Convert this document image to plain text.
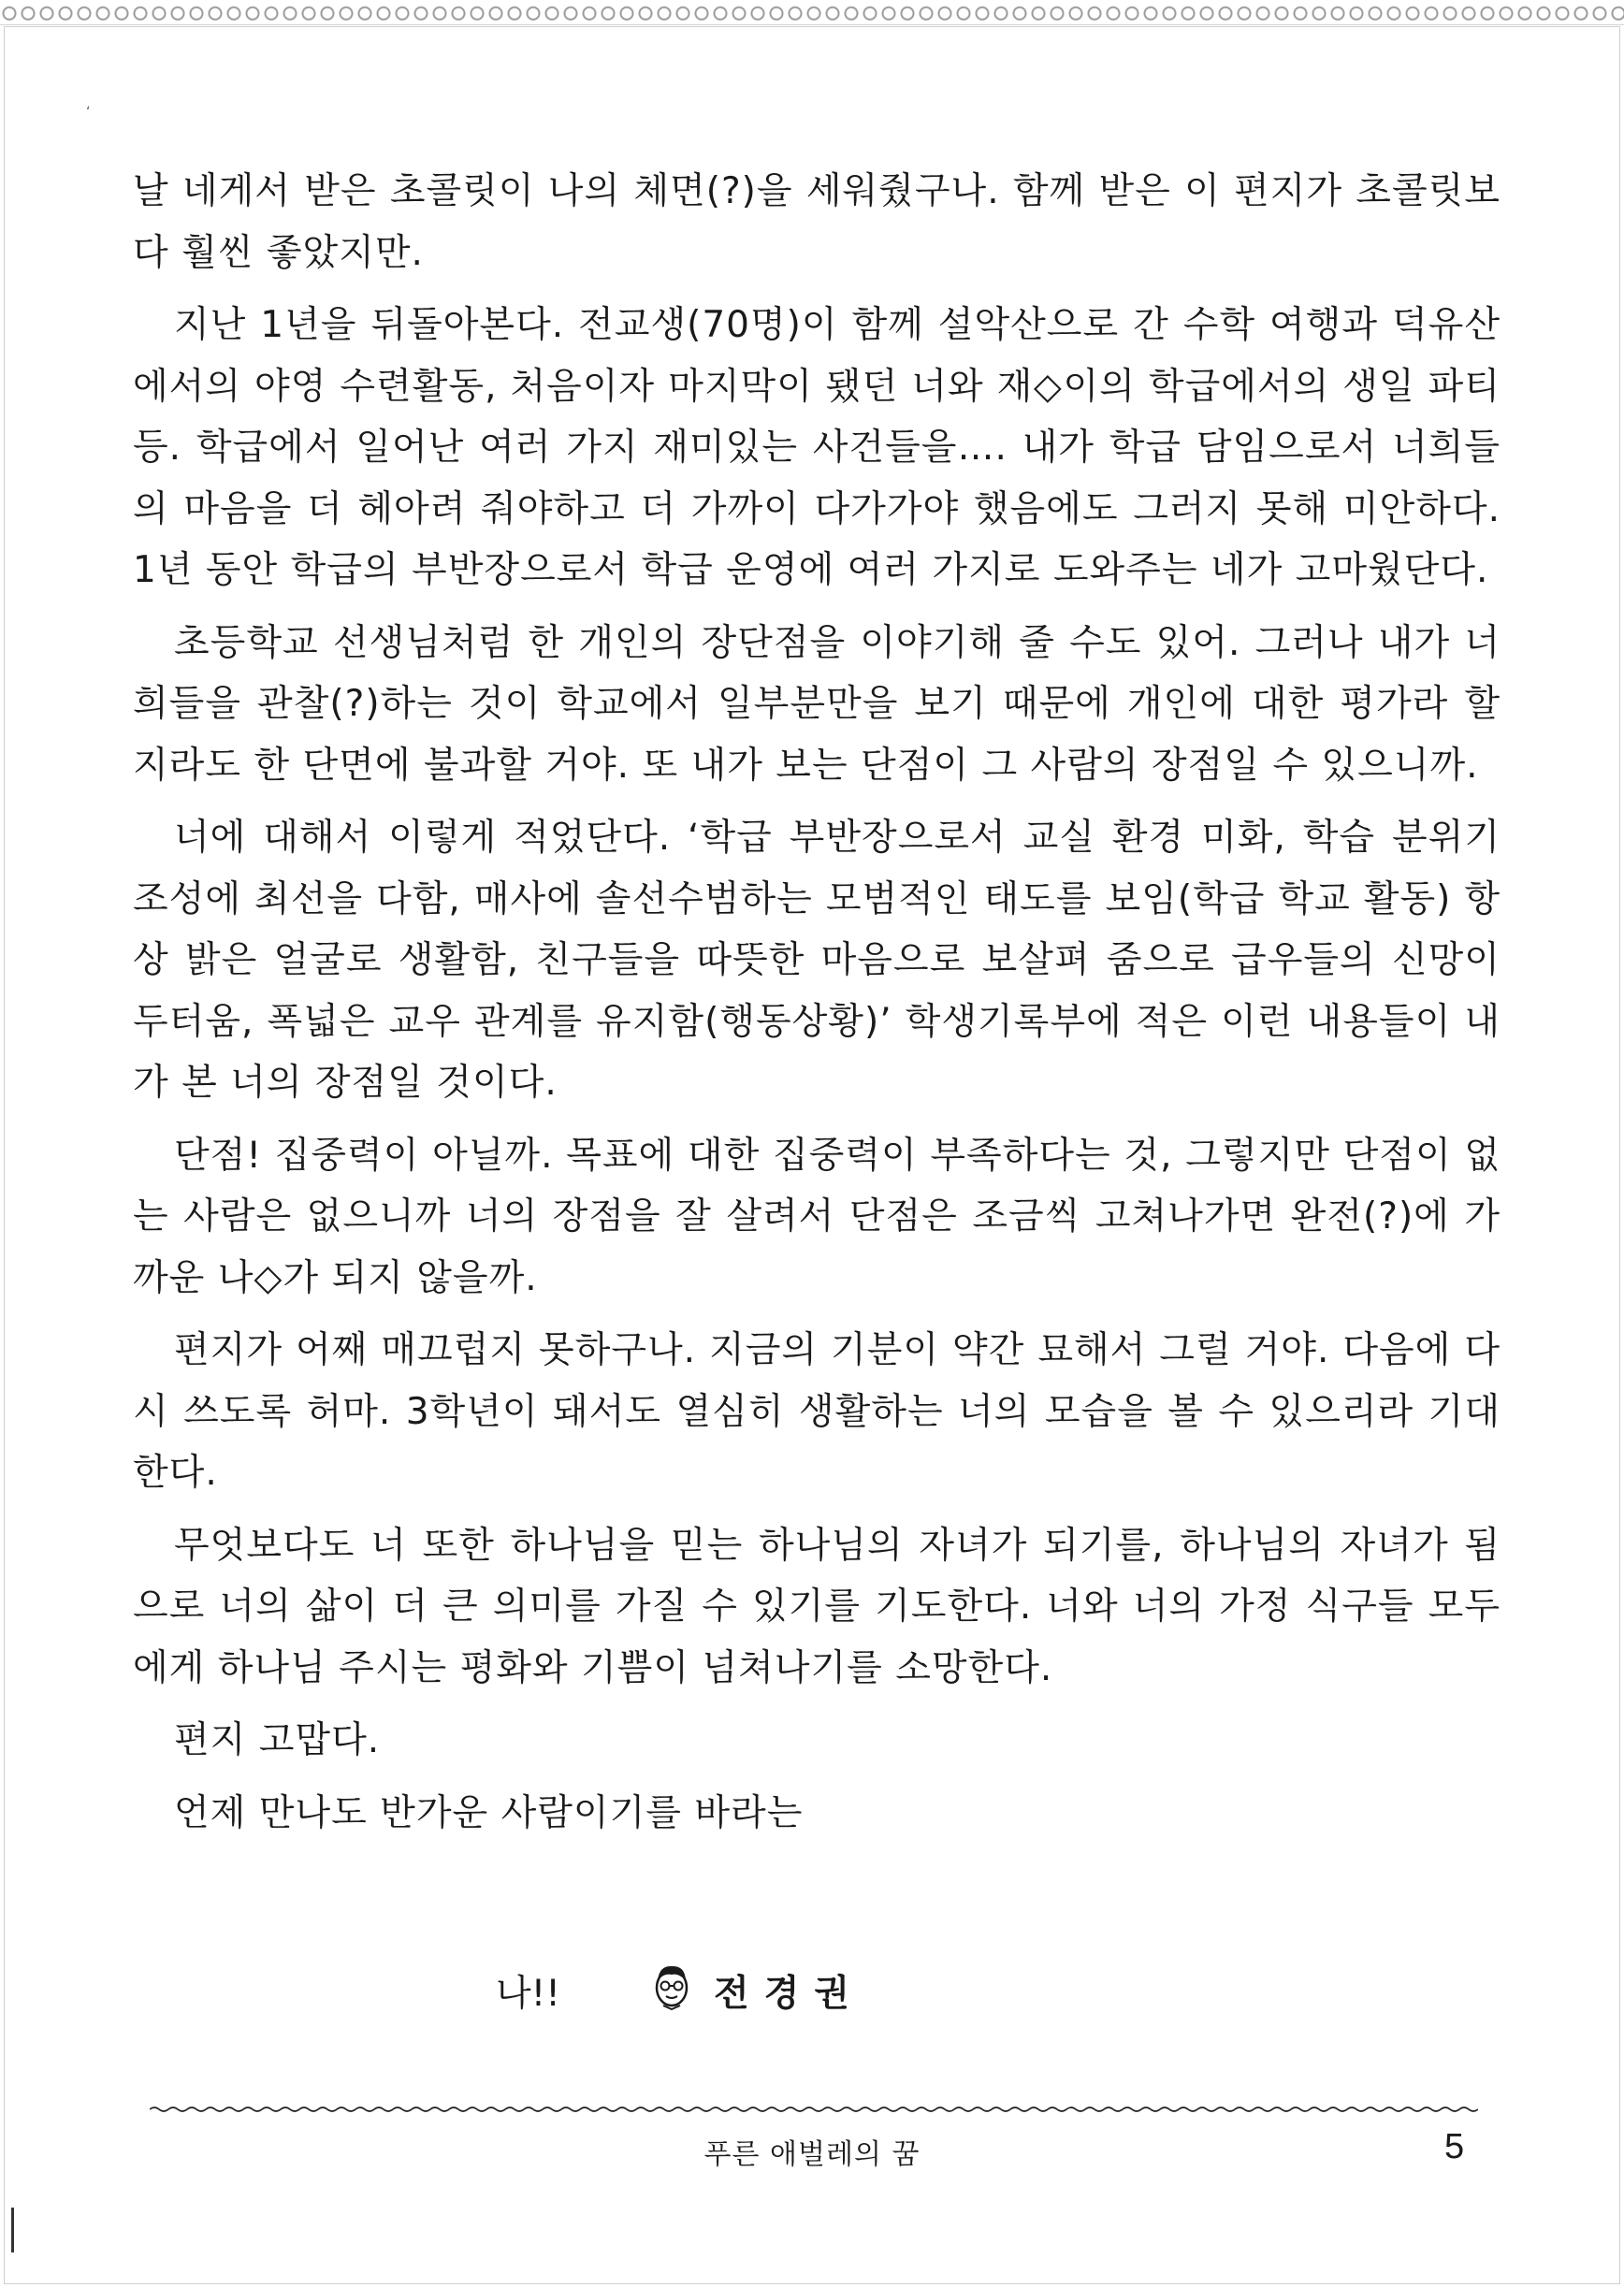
‘

날 네게서 받은 초콜릿이 나의 체면(?)을 세워줬구나. 함께 받은 이 편지가 초콜릿보다 훨씬 좋았지만.

지난 1년을 뒤돌아본다. 전교생(70명)이 함께 설악산으로 간 수학 여행과 덕유산에서의 야영 수련활동, 처음이자 마지막이 됐던 너와 재◇이의 학급에서의 생일 파티 등. 학급에서 일어난 여러 가지 재미있는 사건들을…. 내가 학급 담임으로서 너희들의 마음을 더 헤아려 줘야하고 더 가까이 다가가야 했음에도 그러지 못해 미안하다. 1년 동안 학급의 부반장으로서 학급 운영에 여러 가지로 도와주는 네가 고마웠단다.

초등학교 선생님처럼 한 개인의 장단점을 이야기해 줄 수도 있어. 그러나 내가 너희들을 관찰(?)하는 것이 학교에서 일부분만을 보기 때문에 개인에 대한 평가라 할지라도 한 단면에 불과할 거야. 또 내가 보는 단점이 그 사람의 장점일 수 있으니까.

너에 대해서 이렇게 적었단다. ‘학급 부반장으로서 교실 환경 미화, 학습 분위기 조성에 최선을 다함, 매사에 솔선수범하는 모범적인 태도를 보임(학급 학교 활동) 항상 밝은 얼굴로 생활함, 친구들을 따뜻한 마음으로 보살펴 줌으로 급우들의 신망이 두터움, 폭넓은 교우 관계를 유지함(행동상황)’ 학생기록부에 적은 이런 내용들이 내가 본 너의 장점일 것이다.

단점! 집중력이 아닐까. 목표에 대한 집중력이 부족하다는 것, 그렇지만 단점이 없는 사람은 없으니까 너의 장점을 잘 살려서 단점은 조금씩 고쳐나가면 완전(?)에 가까운 나◇가 되지 않을까.

편지가 어째 매끄럽지 못하구나. 지금의 기분이 약간 묘해서 그럴 거야. 다음에 다시 쓰도록 허마. 3학년이 돼서도 열심히 생활하는 너의 모습을 볼 수 있으리라 기대한다.

무엇보다도 너 또한 하나님을 믿는 하나님의 자녀가 되기를, 하나님의 자녀가 됨으로 너의 삶이 더 큰 의미를 가질 수 있기를 기도한다. 너와 너의 가정 식구들 모두에게 하나님 주시는 평화와 기쁨이 넘쳐나기를 소망한다.

편지 고맙다.

언제 만나도 반가운 사람이기를 바라는

나!!	전경권
푸른 애벌레의 꿈	5
